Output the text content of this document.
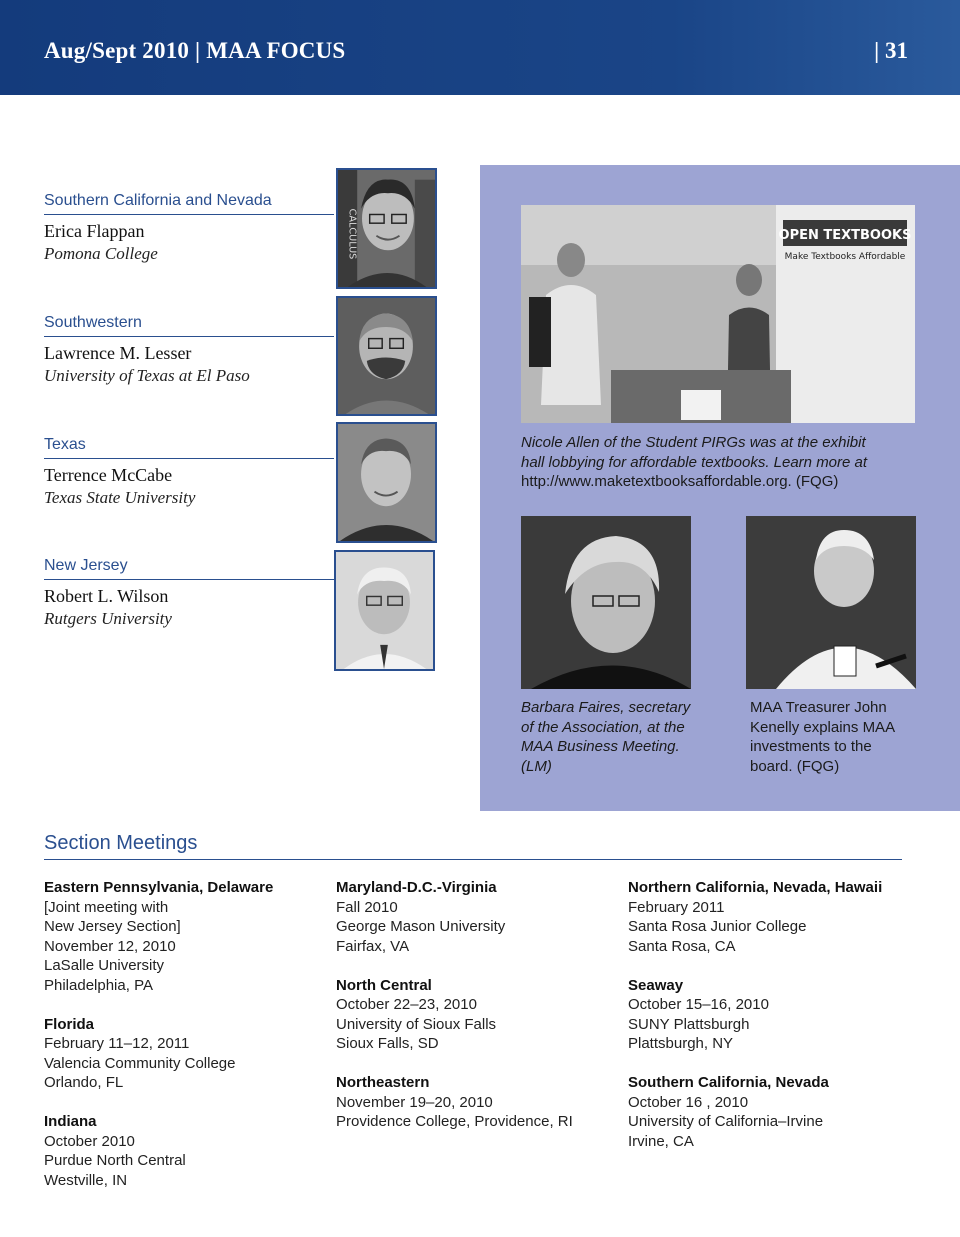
Aug/Sept 2010 | MAA FOCUS	| 31
Southern California and Nevada
Erica Flappan
Pomona College
Southwestern
Lawrence M. Lesser
University of Texas at El Paso
Texas
Terrence McCabe
Texas State University
New Jersey
Robert L. Wilson
Rutgers University
CALCULUS	OPEN TEXTBOOKS
Make Textbooks Affordable
Nicole Allen of the Student PIRGs was at the exhibit
hall lobbying for affordable textbooks. Learn more at
http://www.maketextbooksaffordable.org. (FQG)
Barbara Faires, secretary
of the Association, at the
MAA Business Meeting.
(LM)
MAA Treasurer John
Kenelly explains MAA
investments to the
board. (FQG)
Section Meetings
Eastern Pennsylvania, Delaware
[Joint meeting with
New Jersey Section]
November 12, 2010
LaSalle University
Philadelphia, PA
Florida
February 11–12, 2011
Valencia Community College
Orlando, FL
Indiana
October 2010
Purdue North Central
Westville, IN
Maryland-D.C.-Virginia
Fall 2010
George Mason University
Fairfax, VA
North Central
October 22–23, 2010
University of Sioux Falls
Sioux Falls, SD
Northeastern
November 19–20, 2010
Providence College, Providence, RI
Northern California, Nevada, Hawaii
February 2011
Santa Rosa Junior College
Santa Rosa, CA
Seaway
October 15–16, 2010
SUNY Plattsburgh
Plattsburgh, NY
Southern California, Nevada
October 16 , 2010
University of California–Irvine
Irvine, CA
